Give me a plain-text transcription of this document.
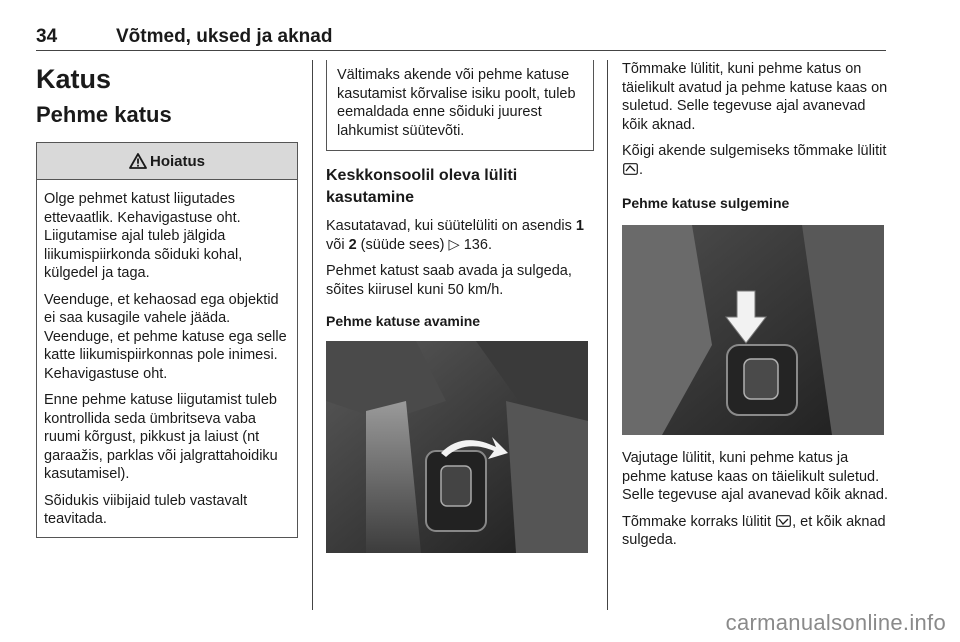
34	Võtmed, uksed ja aknad
Katus
Pehme katus
Hoiatus

Olge pehmet katust liigutades ettevaatlik. Kehavigastuse oht. Liigutamise ajal tuleb jälgida liikumispiirkonda sõiduki kohal, külgedel ja taga.

Veenduge, et kehaosad ega objektid ei saa kusagile vahele jääda. Veenduge, et pehme katuse ega selle katte liikumispiirkonnas pole inimesi. Kehavigastuse oht.

Enne pehme katuse liigutamist tuleb kontrollida seda ümbritseva vaba ruumi kõrgust, pikkust ja laiust (nt garaažis, parklas või jalgrattahoidiku kasutamisel).

Sõidukis viibijaid tuleb vastavalt teavitada.

Vältimaks akende või pehme katuse kasutamist kõrvalise isiku poolt, tuleb eemaldada enne sõiduki juurest lahkumist süütevõti.

Keskkonsoolil oleva lüliti kasutamine

Kasutatavad, kui süütelüliti on asendis 1 või 2 (süüde sees) ▷ 136.

Pehmet katust saab avada ja sulgeda, sõites kiirusel kuni 50 km/h.

Pehme katuse avamine

Tõmmake lülitit, kuni pehme katus on täielikult avatud ja pehme katuse kaas on suletud. Selle tegevuse ajal avanevad kõik aknad.

Kõigi akende sulgemiseks tõmmake lülitit .

Pehme katuse sulgemine

Vajutage lülitit, kuni pehme katus ja pehme katuse kaas on täielikult suletud. Selle tegevuse ajal avanevad kõik aknad.

Tõmmake korraks lülitit , et kõik aknad sulgeda.

carmanualsonline.info
